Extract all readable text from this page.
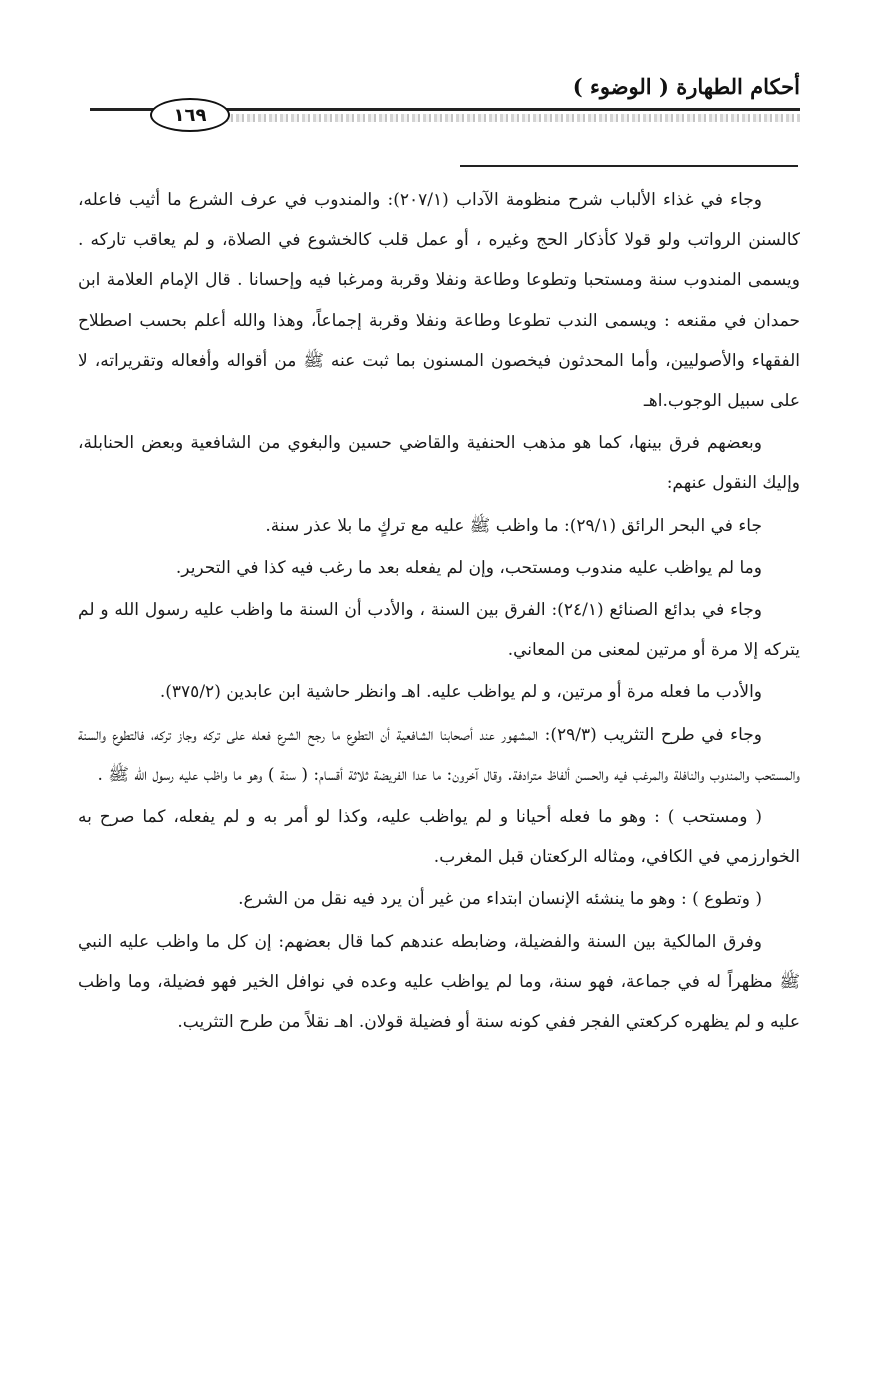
أحكام الطهارة ( الوضوء )
١٦٩

وجاء في غذاء الألباب شرح منظومة الآداب (٢٠٧/١): والمندوب في عرف الشرع ما أثيب فاعله، كالسنن الرواتب ولو قولا كأذكار الحج وغيره ، أو عمل قلب كالخشوع في الصلاة، و لم يعاقب تاركه . ويسمى المندوب سنة ومستحبا وتطوعا وطاعة ونفلا وقربة ومرغبا فيه وإحسانا . قال الإمام العلامة ابن حمدان في مقنعه : ويسمى الندب تطوعا وطاعة ونفلا وقربة إجماعاً، وهذا والله أعلم بحسب اصطلاح الفقهاء والأصوليين، وأما المحدثون فيخصون المسنون بما ثبت عنه ﷺ من أقواله وأفعاله وتقريراته، لا على سبيل الوجوب.اهـ

وبعضهم فرق بينها، كما هو مذهب الحنفية والقاضي حسين والبغوي من الشافعية وبعض الحنابلة، وإليك النقول عنهم:

جاء في البحر الرائق (٢٩/١): ما واظب ﷺ عليه مع تركٍ ما بلا عذر سنة.

وما لم يواظب عليه مندوب ومستحب، وإن لم يفعله بعد ما رغب فيه كذا في التحرير.

وجاء في بدائع الصنائع (٢٤/١): الفرق بين السنة ، والأدب أن السنة ما واظب عليه رسول الله و لم يتركه إلا مرة أو مرتين لمعنى من المعاني.

والأدب ما فعله مرة أو مرتين، و لم يواظب عليه. اهـ وانظر حاشية ابن عابدين (٣٧٥/٢).

وجاء في طرح التثريب (٢٩/٣): المشهور عند أصحابنا الشافعية أن التطوع ما رجح الشرع فعله على تركه وجاز تركه، فالتطوع والسنة والمستحب والمندوب والنافلة والمرغب فيه والحسن ألفاظ مترادفة. وقال آخرون: ما عدا الفريضة ثلاثة أقسام: ( سنة ) وهو ما واظب عليه رسول الله ﷺ .

( ومستحب ) : وهو ما فعله أحيانا و لم يواظب عليه، وكذا لو أمر به و لم يفعله، كما صرح به الخوارزمي في الكافي، ومثاله الركعتان قبل المغرب.

( وتطوع ) : وهو ما ينشئه الإنسان ابتداء من غير أن يرد فيه نقل من الشرع.

وفرق المالكية بين السنة والفضيلة، وضابطه عندهم كما قال بعضهم: إن كل ما واظب عليه النبي ﷺ مظهراً له في جماعة، فهو سنة، وما لم يواظب عليه وعده في نوافل الخير فهو فضيلة، وما واظب عليه و لم يظهره كركعتي الفجر ففي كونه سنة أو فضيلة قولان. اهـ نقلاً من طرح التثريب.
